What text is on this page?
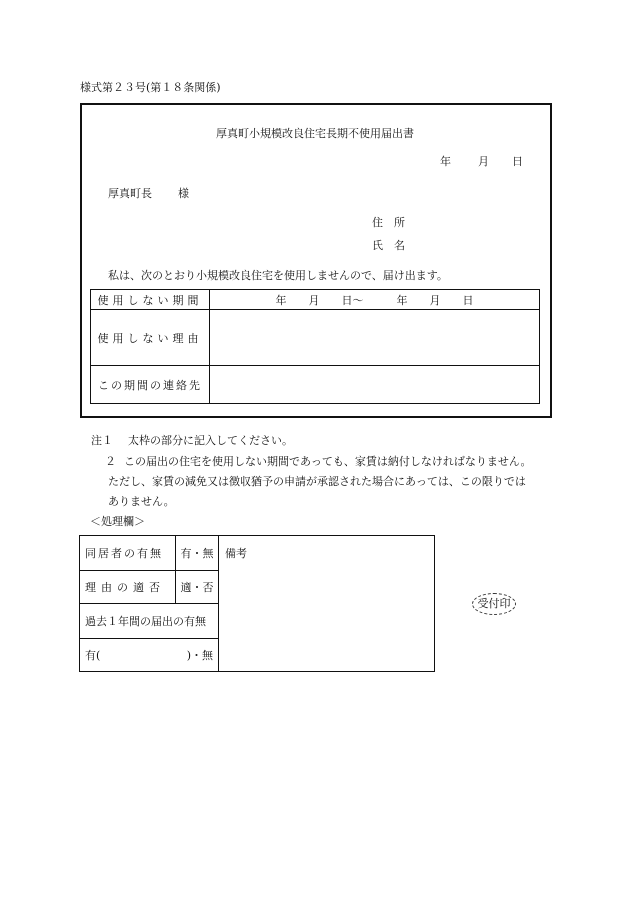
様式第２３号(第１８条関係)
厚真町小規模改良住宅長期不使用届出書
年 月 日
厚真町長 様
住　所
氏　名
私は、次のとおり小規模改良住宅を使用しませんので、届け出ます。
使用しない期間	年　　月　　日～　　　年　　月　　日
使用しない理由	
この期間の連絡先	
注１ 太枠の部分に記入してください。
２ この届出の住宅を使用しない期間であっても、家賃は納付しなければなりません。
ただし、家賃の減免又は徴収猶予の申請が承認された場合にあっては、この限りでは
ありません。
＜処理欄＞
同居者の有無	有・無	備考
理由の適否	適・否	
過去１年間の届出の有無		
有( )・無		
受付印
